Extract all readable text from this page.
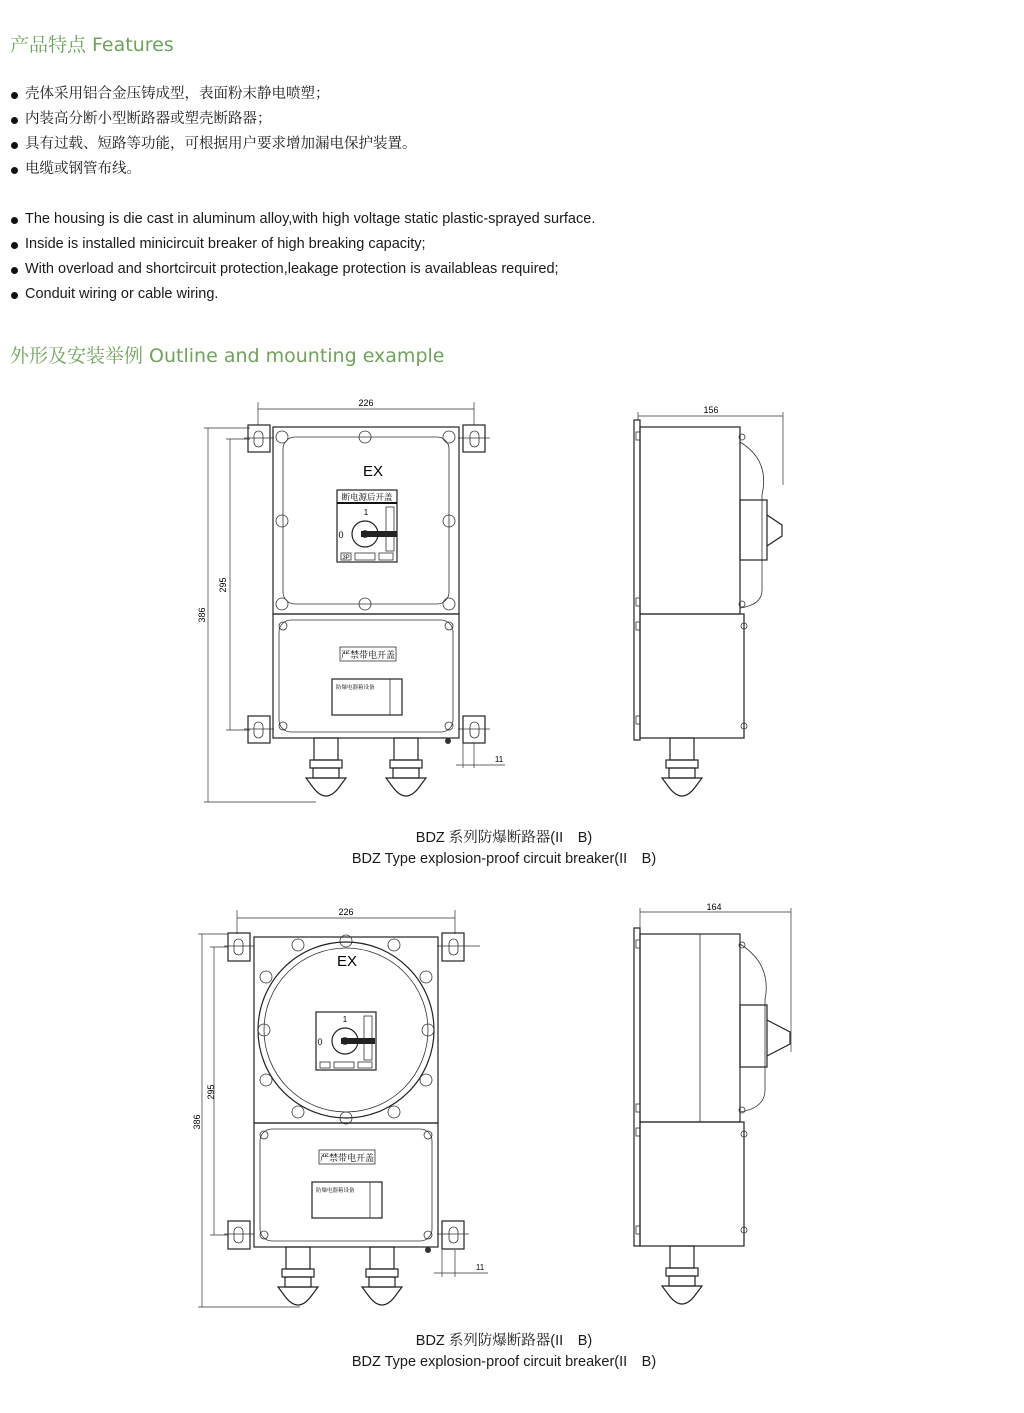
产品特点 Features
壳体采用铝合金压铸成型，表面粉末静电喷塑；
内装高分断小型断路器或塑壳断路器；
具有过载、短路等功能，可根据用户要求增加漏电保护装置。
电缆或钢管布线。
The housing is die cast in aluminum alloy,with high voltage static plastic-sprayed surface.
Inside is installed minicircuit breaker of high breaking capacity;
With overload and shortcircuit protection,leakage protection is availableas required;
Conduit wiring or cable wiring.
外形及安装举例 Outline and mounting example
226
386
295
EX
断电源后开盖
1
0
3P
严禁带电开盖
防爆电器箱设备
11
156
BDZ 系列防爆断路器(II　B)
BDZ Type explosion-proof circuit breaker(II　B)
226
386
295
EX
1
0
严禁带电开盖
防爆电器箱设备
11
164
BDZ 系列防爆断路器(II　B)
BDZ Type explosion-proof circuit breaker(II　B)
